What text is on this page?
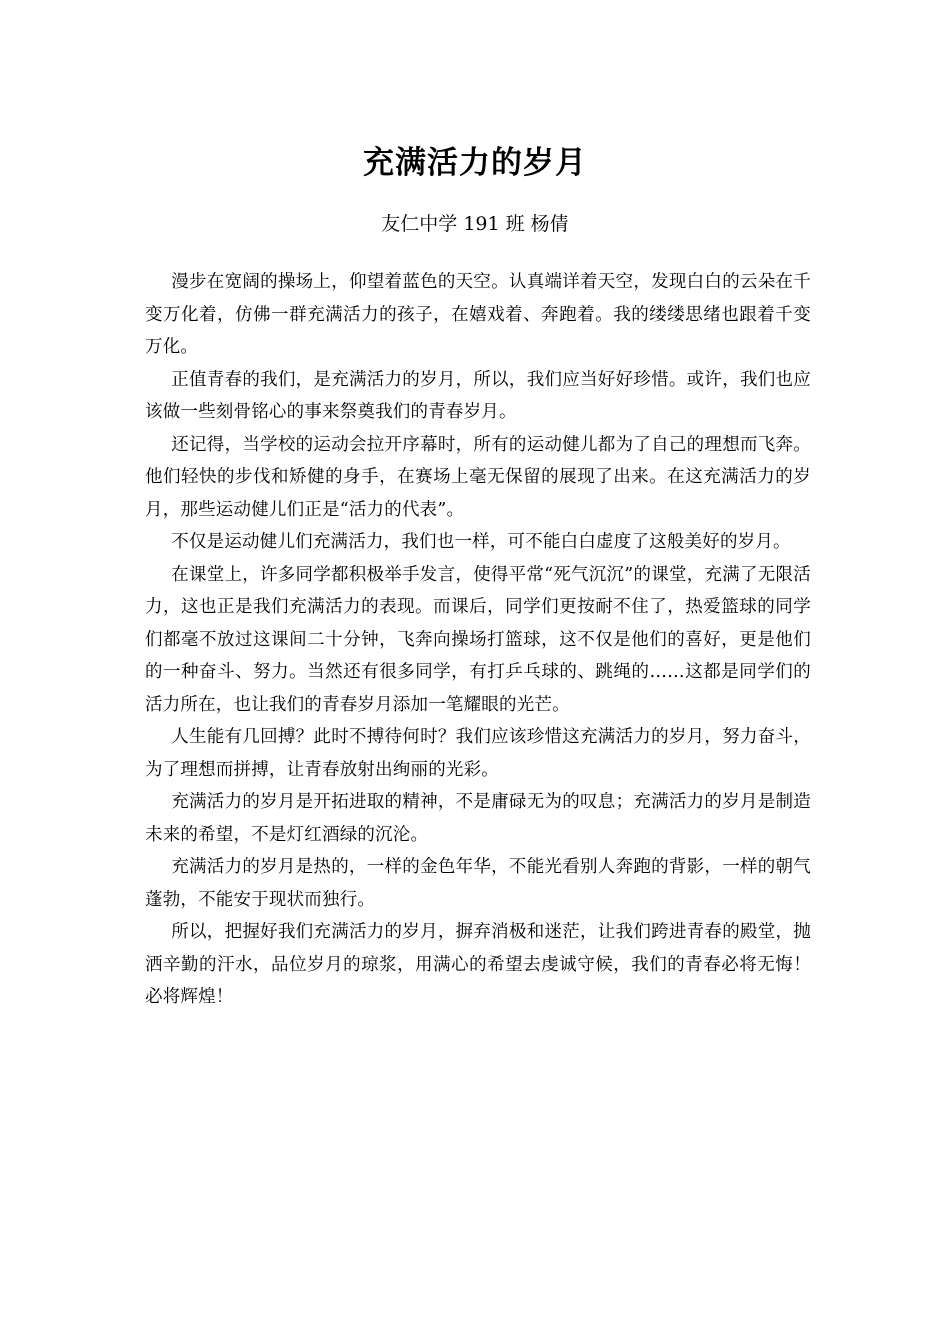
充满活力的岁月

友仁中学 191 班 杨倩

漫步在宽阔的操场上，仰望着蓝色的天空。认真端详着天空，发现白白的云朵在千变万化着，仿佛一群充满活力的孩子，在嬉戏着、奔跑着。我的缕缕思绪也跟着千变万化。

正值青春的我们，是充满活力的岁月，所以，我们应当好好珍惜。或许，我们也应该做一些刻骨铭心的事来祭奠我们的青春岁月。

还记得，当学校的运动会拉开序幕时，所有的运动健儿都为了自己的理想而飞奔。他们轻快的步伐和矫健的身手，在赛场上毫无保留的展现了出来。在这充满活力的岁月，那些运动健儿们正是“活力的代表”。

不仅是运动健儿们充满活力，我们也一样，可不能白白虚度了这般美好的岁月。

在课堂上，许多同学都积极举手发言，使得平常“死气沉沉”的课堂，充满了无限活力，这也正是我们充满活力的表现。而课后，同学们更按耐不住了，热爱篮球的同学们都毫不放过这课间二十分钟，飞奔向操场打篮球，这不仅是他们的喜好，更是他们的一种奋斗、努力。当然还有很多同学，有打乒乓球的、跳绳的……这都是同学们的活力所在，也让我们的青春岁月添加一笔耀眼的光芒。

人生能有几回搏？此时不搏待何时？我们应该珍惜这充满活力的岁月，努力奋斗，为了理想而拼搏，让青春放射出绚丽的光彩。

充满活力的岁月是开拓进取的精神，不是庸碌无为的叹息；充满活力的岁月是制造未来的希望，不是灯红酒绿的沉沦。

充满活力的岁月是热的，一样的金色年华，不能光看别人奔跑的背影，一样的朝气蓬勃，不能安于现状而独行。

所以，把握好我们充满活力的岁月，摒弃消极和迷茫，让我们跨进青春的殿堂，抛洒辛勤的汗水，品位岁月的琼浆，用满心的希望去虔诚守候，我们的青春必将无悔！必将辉煌！
